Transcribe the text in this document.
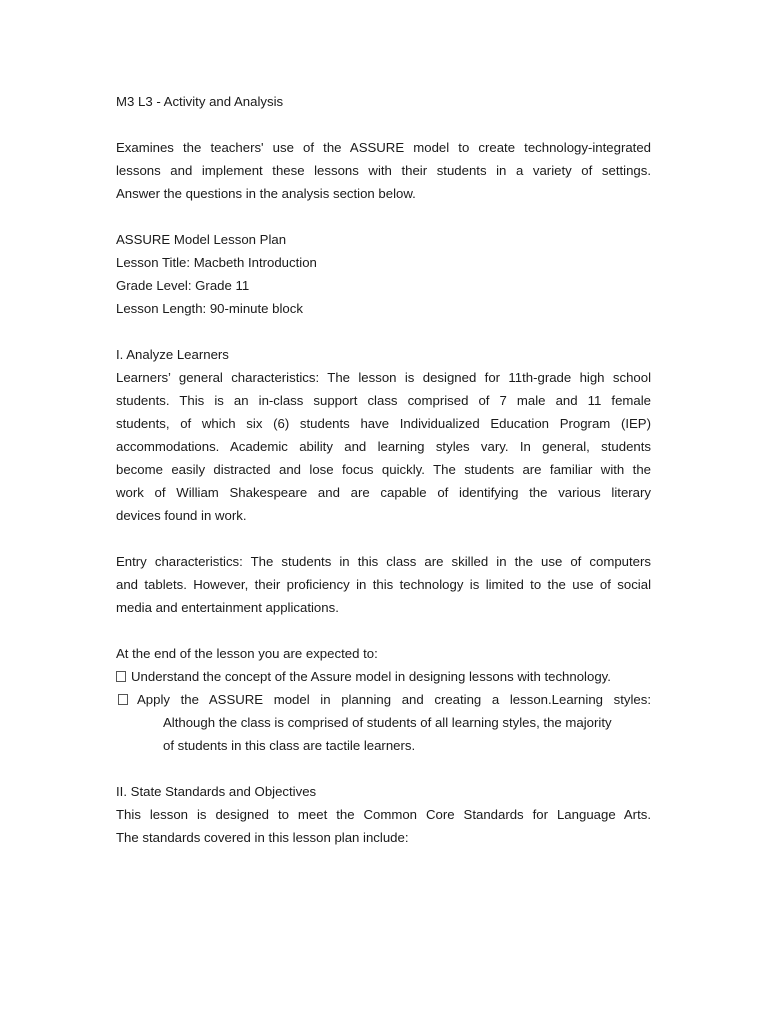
M3 L3 - Activity and Analysis
Examines the teachers' use of the ASSURE model to create technology-integrated
lessons and implement these lessons with their students in a variety of settings.
Answer the questions in the analysis section below.
ASSURE Model Lesson Plan
Lesson Title: Macbeth Introduction
Grade Level: Grade 11
Lesson Length: 90-minute block
I. Analyze Learners
Learners’ general characteristics: The lesson is designed for 11th-grade high school
students. This is an in-class support class comprised of 7 male and 11 female
students, of which six (6) students have Individualized Education Program (IEP)
accommodations. Academic ability and learning styles vary. In general, students
become easily distracted and lose focus quickly. The students are familiar with the
work of William Shakespeare and are capable of identifying the various literary
devices found in work.
Entry characteristics: The students in this class are skilled in the use of computers
and tablets. However, their proficiency in this technology is limited to the use of social
media and entertainment applications.
At the end of the lesson you are expected to:
Understand the concept of the Assure model in designing lessons with technology.
Apply the ASSURE model in planning and creating a lesson.Learning styles:
Although the class is comprised of students of all learning styles, the majority
of students in this class are tactile learners.
II. State Standards and Objectives
This lesson is designed to meet the Common Core Standards for Language Arts.
The standards covered in this lesson plan include:
